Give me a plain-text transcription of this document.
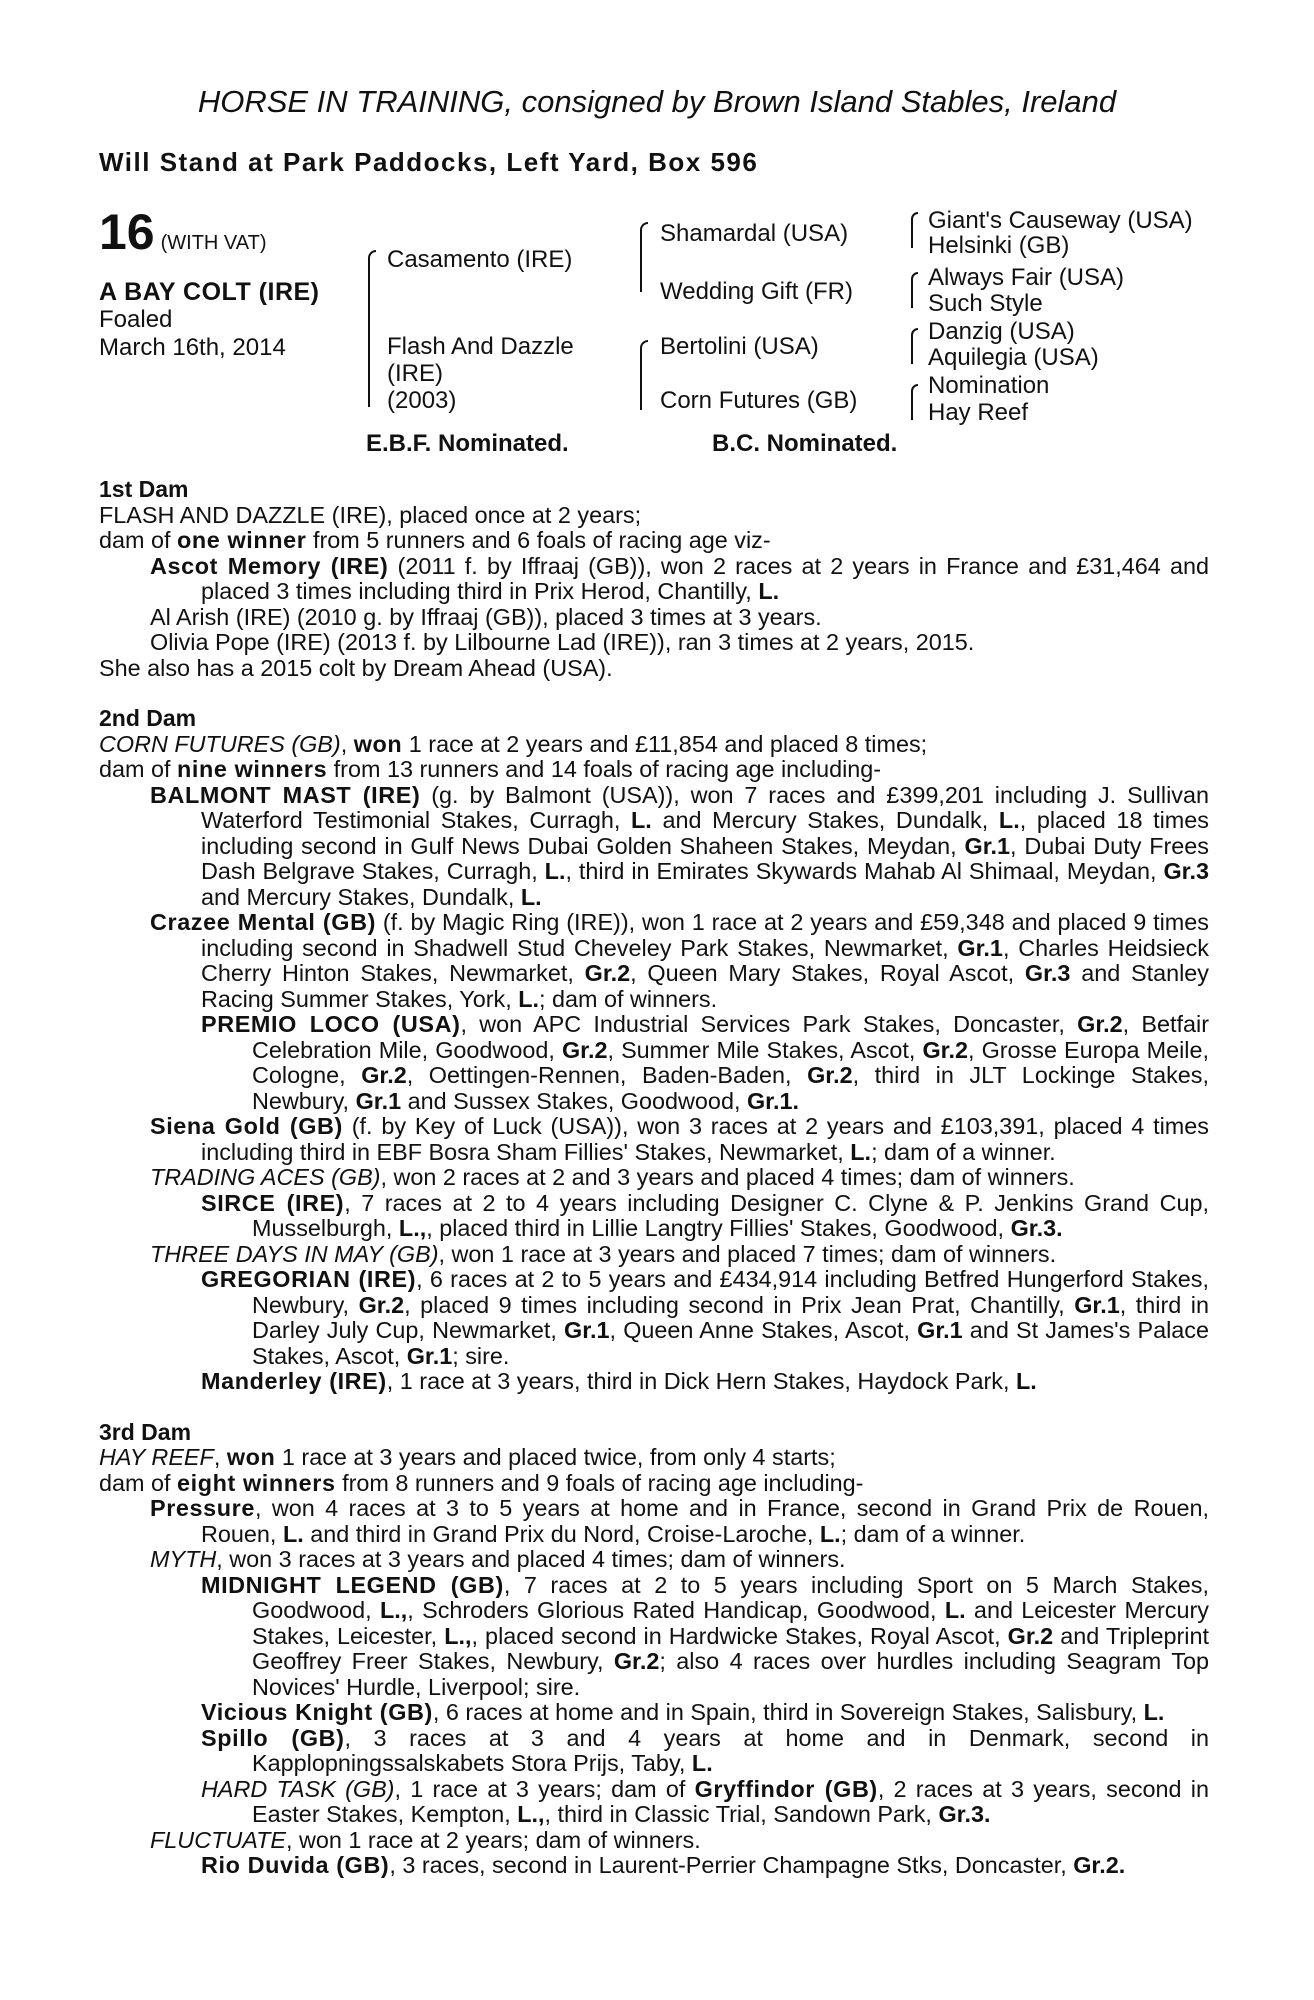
HORSE IN TRAINING, consigned by Brown Island Stables, Ireland
Will Stand at Park Paddocks, Left Yard, Box 596
16 (WITH VAT)
A BAY COLT (IRE)
Foaled
March 16th, 2014
Casamento (IRE)
Flash And Dazzle
(IRE)
(2003)
Shamardal (USA)
Wedding Gift (FR)
Bertolini (USA)
Corn Futures (GB)
Giant's Causeway (USA)
Helsinki (GB)
Always Fair (USA)
Such Style
Danzig (USA)
Aquilegia (USA)
Nomination
Hay Reef
E.B.F. Nominated.	B.C. Nominated.

1st Dam

FLASH AND DAZZLE (IRE), placed once at 2 years;

dam of one winner from 5 runners and 6 foals of racing age viz-

Ascot Memory (IRE) (2011 f. by Iffraaj (GB)), won 2 races at 2 years in France and £31,464 and placed 3 times including third in Prix Herod, Chantilly, L.

Al Arish (IRE) (2010 g. by Iffraaj (GB)), placed 3 times at 3 years.

Olivia Pope (IRE) (2013 f. by Lilbourne Lad (IRE)), ran 3 times at 2 years, 2015.

She also has a 2015 colt by Dream Ahead (USA).

2nd Dam

CORN FUTURES (GB), won 1 race at 2 years and £11,854 and placed 8 times;

dam of nine winners from 13 runners and 14 foals of racing age including-

BALMONT MAST (IRE) (g. by Balmont (USA)), won 7 races and £399,201 including J. Sullivan Waterford Testimonial Stakes, Curragh, L. and Mercury Stakes, Dundalk, L., placed 18 times including second in Gulf News Dubai Golden Shaheen Stakes, Meydan, Gr.1, Dubai Duty Frees Dash Belgrave Stakes, Curragh, L., third in Emirates Skywards Mahab Al Shimaal, Meydan, Gr.3 and Mercury Stakes, Dundalk, L.

Crazee Mental (GB) (f. by Magic Ring (IRE)), won 1 race at 2 years and £59,348 and placed 9 times including second in Shadwell Stud Cheveley Park Stakes, Newmarket, Gr.1, Charles Heidsieck Cherry Hinton Stakes, Newmarket, Gr.2, Queen Mary Stakes, Royal Ascot, Gr.3 and Stanley Racing Summer Stakes, York, L.; dam of winners.

PREMIO LOCO (USA), won APC Industrial Services Park Stakes, Doncaster, Gr.2, Betfair Celebration Mile, Goodwood, Gr.2, Summer Mile Stakes, Ascot, Gr.2, Grosse Europa Meile, Cologne, Gr.2, Oettingen-Rennen, Baden-Baden, Gr.2, third in JLT Lockinge Stakes, Newbury, Gr.1 and Sussex Stakes, Goodwood, Gr.1.

Siena Gold (GB) (f. by Key of Luck (USA)), won 3 races at 2 years and £103,391, placed 4 times including third in EBF Bosra Sham Fillies' Stakes, Newmarket, L.; dam of a winner.

TRADING ACES (GB), won 2 races at 2 and 3 years and placed 4 times; dam of winners.

SIRCE (IRE), 7 races at 2 to 4 years including Designer C. Clyne & P. Jenkins Grand Cup, Musselburgh, L.,, placed third in Lillie Langtry Fillies' Stakes, Goodwood, Gr.3.

THREE DAYS IN MAY (GB), won 1 race at 3 years and placed 7 times; dam of winners.

GREGORIAN (IRE), 6 races at 2 to 5 years and £434,914 including Betfred Hungerford Stakes, Newbury, Gr.2, placed 9 times including second in Prix Jean Prat, Chantilly, Gr.1, third in Darley July Cup, Newmarket, Gr.1, Queen Anne Stakes, Ascot, Gr.1 and St James's Palace Stakes, Ascot, Gr.1; sire.

Manderley (IRE), 1 race at 3 years, third in Dick Hern Stakes, Haydock Park, L.

3rd Dam

HAY REEF, won 1 race at 3 years and placed twice, from only 4 starts;

dam of eight winners from 8 runners and 9 foals of racing age including-

Pressure, won 4 races at 3 to 5 years at home and in France, second in Grand Prix de Rouen, Rouen, L. and third in Grand Prix du Nord, Croise-Laroche, L.; dam of a winner.

MYTH, won 3 races at 3 years and placed 4 times; dam of winners.

MIDNIGHT LEGEND (GB), 7 races at 2 to 5 years including Sport on 5 March Stakes, Goodwood, L.,, Schroders Glorious Rated Handicap, Goodwood, L. and Leicester Mercury Stakes, Leicester, L.,, placed second in Hardwicke Stakes, Royal Ascot, Gr.2 and Tripleprint Geoffrey Freer Stakes, Newbury, Gr.2; also 4 races over hurdles including Seagram Top Novices' Hurdle, Liverpool; sire.

Vicious Knight (GB), 6 races at home and in Spain, third in Sovereign Stakes, Salisbury, L.

Spillo (GB), 3 races at 3 and 4 years at home and in Denmark, second in Kapplopningssalskabets Stora Prijs, Taby, L.

HARD TASK (GB), 1 race at 3 years; dam of Gryffindor (GB), 2 races at 3 years, second in Easter Stakes, Kempton, L.,, third in Classic Trial, Sandown Park, Gr.3.

FLUCTUATE, won 1 race at 2 years; dam of winners.

Rio Duvida (GB), 3 races, second in Laurent-Perrier Champagne Stks, Doncaster, Gr.2.
